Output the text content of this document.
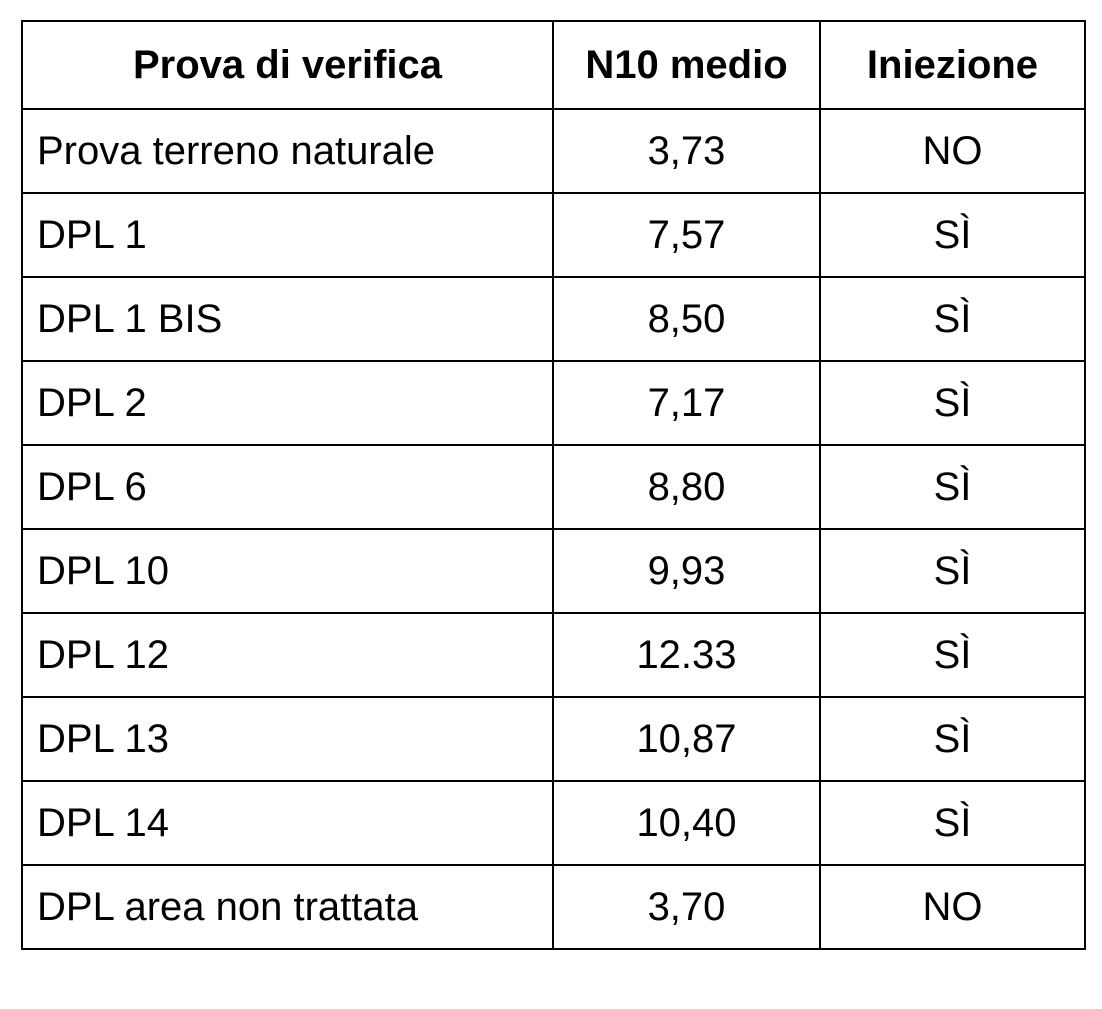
Prova di verifica	N10 medio	Iniezione
Prova terreno naturale	3,73	NO
DPL 1	7,57	SÌ
DPL 1 BIS	8,50	SÌ
DPL 2	7,17	SÌ
DPL 6	8,80	SÌ
DPL 10	9,93	SÌ
DPL 12	12.33	SÌ
DPL 13	10,87	SÌ
DPL 14	10,40	SÌ
DPL area non trattata	3,70	NO
